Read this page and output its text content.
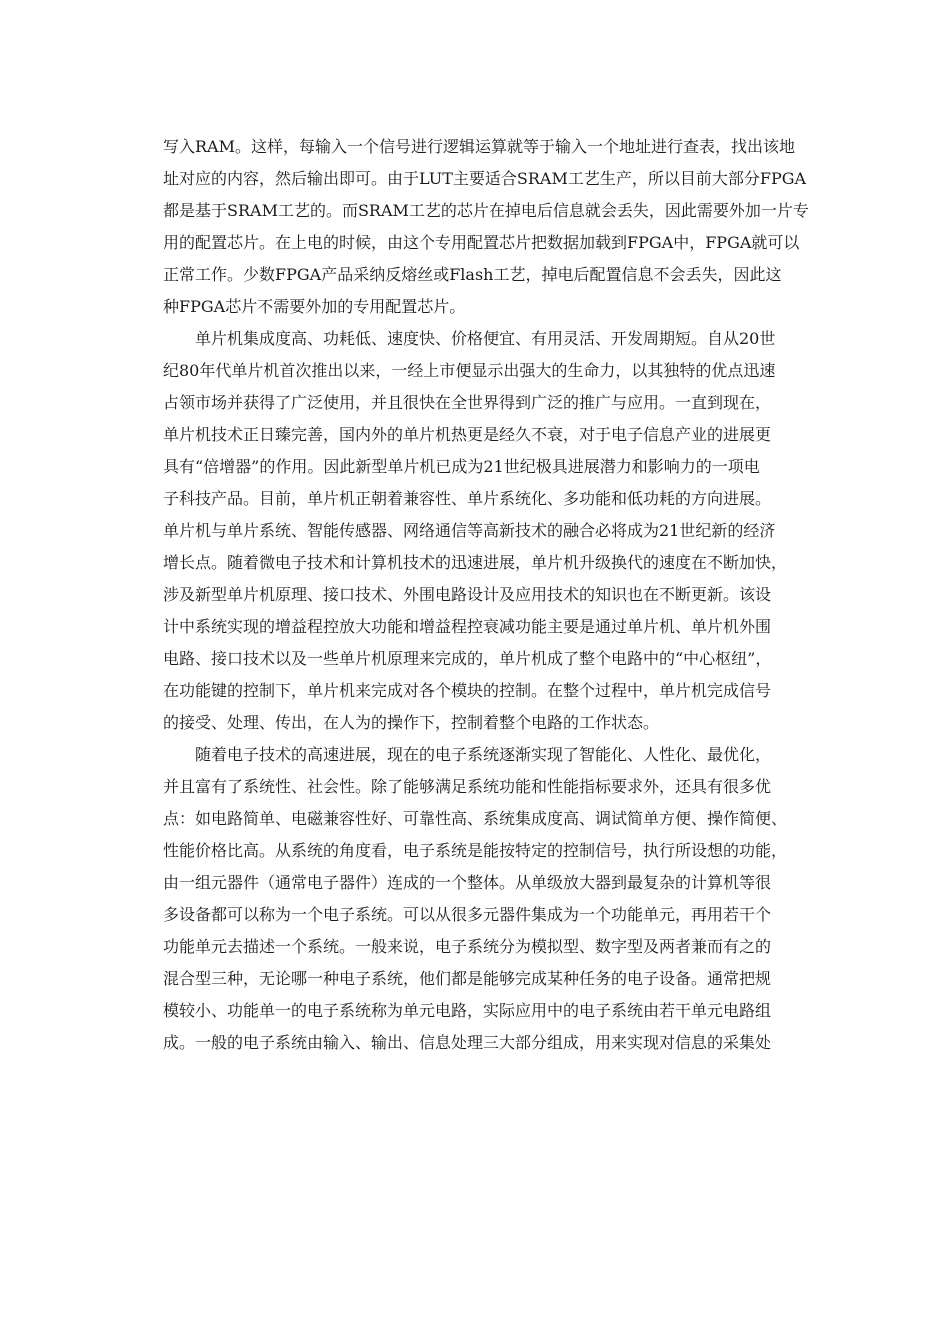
写入RAM。这样，每输入一个信号进行逻辑运算就等于输入一个地址进行查表，找出该地
址对应的内容，然后输出即可。由于LUT主要适合SRAM工艺生产，所以目前大部分FPGA
都是基于SRAM工艺的。而SRAM工艺的芯片在掉电后信息就会丢失，因此需要外加一片专
用的配置芯片。在上电的时候，由这个专用配置芯片把数据加载到FPGA中，FPGA就可以
正常工作。少数FPGA产品采纳反熔丝或Flash工艺，掉电后配置信息不会丢失，因此这
种FPGA芯片不需要外加的专用配置芯片。
　　单片机集成度高、功耗低、速度快、价格便宜、有用灵活、开发周期短。自从20世
纪80年代单片机首次推出以来，一经上市便显示出强大的生命力，以其独特的优点迅速
占领市场并获得了广泛使用，并且很快在全世界得到广泛的推广与应用。一直到现在，
单片机技术正日臻完善，国内外的单片机热更是经久不衰，对于电子信息产业的进展更
具有“倍增器”的作用。因此新型单片机已成为21世纪极具进展潜力和影响力的一项电
子科技产品。目前，单片机正朝着兼容性、单片系统化、多功能和低功耗的方向进展。
单片机与单片系统、智能传感器、网络通信等高新技术的融合必将成为21世纪新的经济
增长点。随着微电子技术和计算机技术的迅速进展，单片机升级换代的速度在不断加快，
涉及新型单片机原理、接口技术、外围电路设计及应用技术的知识也在不断更新。该设
计中系统实现的增益程控放大功能和增益程控衰减功能主要是通过单片机、单片机外围
电路、接口技术以及一些单片机原理来完成的，单片机成了整个电路中的“中心枢纽”，
在功能键的控制下，单片机来完成对各个模块的控制。在整个过程中，单片机完成信号
的接受、处理、传出，在人为的操作下，控制着整个电路的工作状态。
　　随着电子技术的高速进展，现在的电子系统逐渐实现了智能化、人性化、最优化，
并且富有了系统性、社会性。除了能够满足系统功能和性能指标要求外，还具有很多优
点：如电路简单、电磁兼容性好、可靠性高、系统集成度高、调试简单方便、操作简便、
性能价格比高。从系统的角度看，电子系统是能按特定的控制信号，执行所设想的功能，
由一组元器件（通常电子器件）连成的一个整体。从单级放大器到最复杂的计算机等很
多设备都可以称为一个电子系统。可以从很多元器件集成为一个功能单元，再用若干个
功能单元去描述一个系统。一般来说，电子系统分为模拟型、数字型及两者兼而有之的
混合型三种，无论哪一种电子系统，他们都是能够完成某种任务的电子设备。通常把规
模较小、功能单一的电子系统称为单元电路，实际应用中的电子系统由若干单元电路组
成。一般的电子系统由输入、输出、信息处理三大部分组成，用来实现对信息的采集处
